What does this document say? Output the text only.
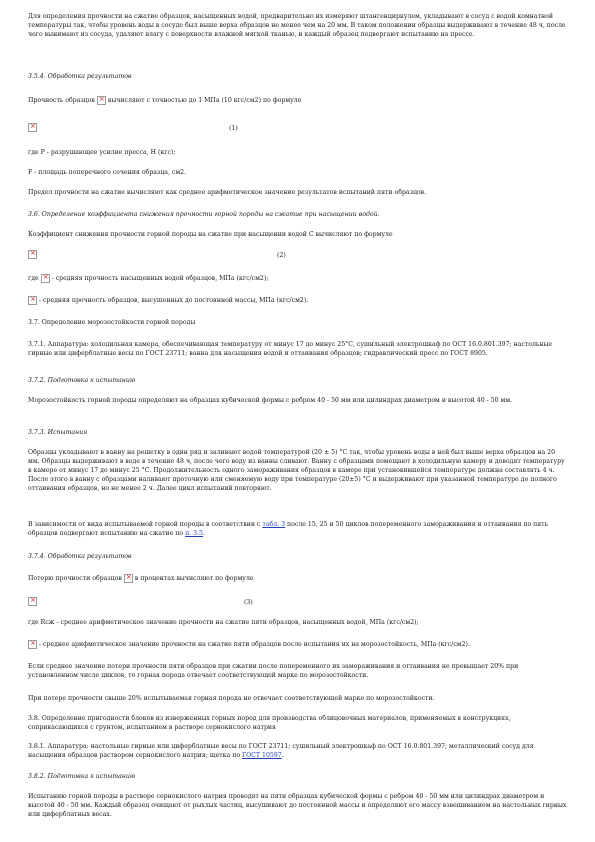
Для определения прочности на сжатие образцов, насыщенных водой, предварительно их измеряют штангенциркулем, укладывают в сосуд с водой комнатной температуры так, чтобы уровень воды в сосуде был выше верха образцов не менее чем на 20 мм. В таком положении образцы выдерживают в течение 48 ч, после чего вынимают из сосуда, удаляют влагу с поверхности влажной мягкой тканью, и каждый образец подвергают испытанию на прессе.

3.5.4. Обработка результатов

Прочность образцов × вычисляют с точностью до 1 МПа (10 кгс/см2) по формуле

×
(1)

где P - разрушающее усилие пресса, Н (кгс);

F - площадь поперечного сечения образца, см2.

Предел прочности на сжатие вычисляют как среднее арифметическое значение результатов испытаний пяти образцов.

3.6. Определение коэффициента снижения прочности горной породы на сжатие при насыщении водой.

Коэффициент снижения прочности горной породы на сжатие при насыщении водой С вычисляют по формуле

×
(2)

где × - средняя прочность насыщенных водой образцов, МПа (кгс/см2);

× - средняя прочность образцов, высушенных до постоянной массы, МПа (кгс/см2).

3.7. Определение морозостойкости горной породы

3.7.1. Аппаратура: холодильная камера, обеспечивающая температуру от минус 17 до минус 25°С, сушильный электрошкаф по ОСТ 16.0.801.397; настольные гирные или циферблатные весы по ГОСТ 23711; ванна для насыщения водой и оттаивания образцов; гидравлический пресс по ГОСТ 8905.

3.7.2. Подготовка к испытанию

Морозостойкость горной породы определяют на образцах кубической формы с ребром 40 - 50 мм или цилиндрах диаметром и высотой 40 - 50 мм.

3.7.3. Испытания

Образцы укладывают в ванну на решетку в один ряд и заливают водой температурой (20 ± 5) °С так, чтобы уровень воды в ней был выше верха образцов на 20 мм. Образцы выдерживают в воде в течение 48 ч, после чего воду из ванны сливают. Ванну с образцами помещают в холодильную камеру и доводят температуру в камере от минус 17 до минус 25 °С. Продолжительность одного замораживания образцов в камере при установившейся температуре должна составлять 4 ч. После этого в ванну с образцами наливают проточную или сменяемую воду при температуре (20±5) °С и выдерживают при указанной температуре до полного оттаивания образцов, но не менее 2 ч. Далее цикл испытаний повторяют.

В зависимости от вида испытываемой горной породы в соответствии с табл. 3 после 15, 25 и 50 циклов попеременного замораживания и оттаивания по пять образцов подвергают испытанию на сжатие по п. 3.5.

3.7.4. Обработка результатов

Потерю прочности образцов × в процентах вычисляют по формуле

×
(3)

где Rсж - среднее арифметическое значение прочности на сжатие пяти образцов, насыщенных водой, МПа (кгс/см2);

× - среднее арифметическое значение прочности на сжатие пяти образцов после испытания их на морозостойкость, МПа (кгс/см2).

Если среднее значение потери прочности пяти образцов при сжатии после попеременного их замораживания и оттаивания не превышает 20% при установленном числе циклов, то горная порода отвечает соответствующей марке по морозостойкости.

При потере прочности свыше 20% испытываемая горная порода не отвечает соответствующей марке по морозостойкости.

3.8. Определение пригодности блоков из изверженных горных пород для производства облицовочных материалов, применяемых в конструкциях, соприкасающихся с грунтом, испытанием в растворе сернокислого натрия

3.8.1. Аппаратура: настольные гирные или циферблатные весы по ГОСТ 23711; сушильный электрошкаф по ОСТ 16.0.801.397; металлический сосуд для насыщения образцов раствором сернокислого натрия; щетка по ГОСТ 10597.

3.8.2. Подготовка к испытанию

Испытанию горной породы в растворе сернокислого натрия проводят на пяти образцах кубической формы с ребром 40 - 50 мм или цилиндрах диаметром и высотой 40 - 50 мм. Каждый образец очищают от рыхлых частиц, высушивают до постоянной массы и определяют его массу взвешиванием на настольных гирных или циферблатных весах.
